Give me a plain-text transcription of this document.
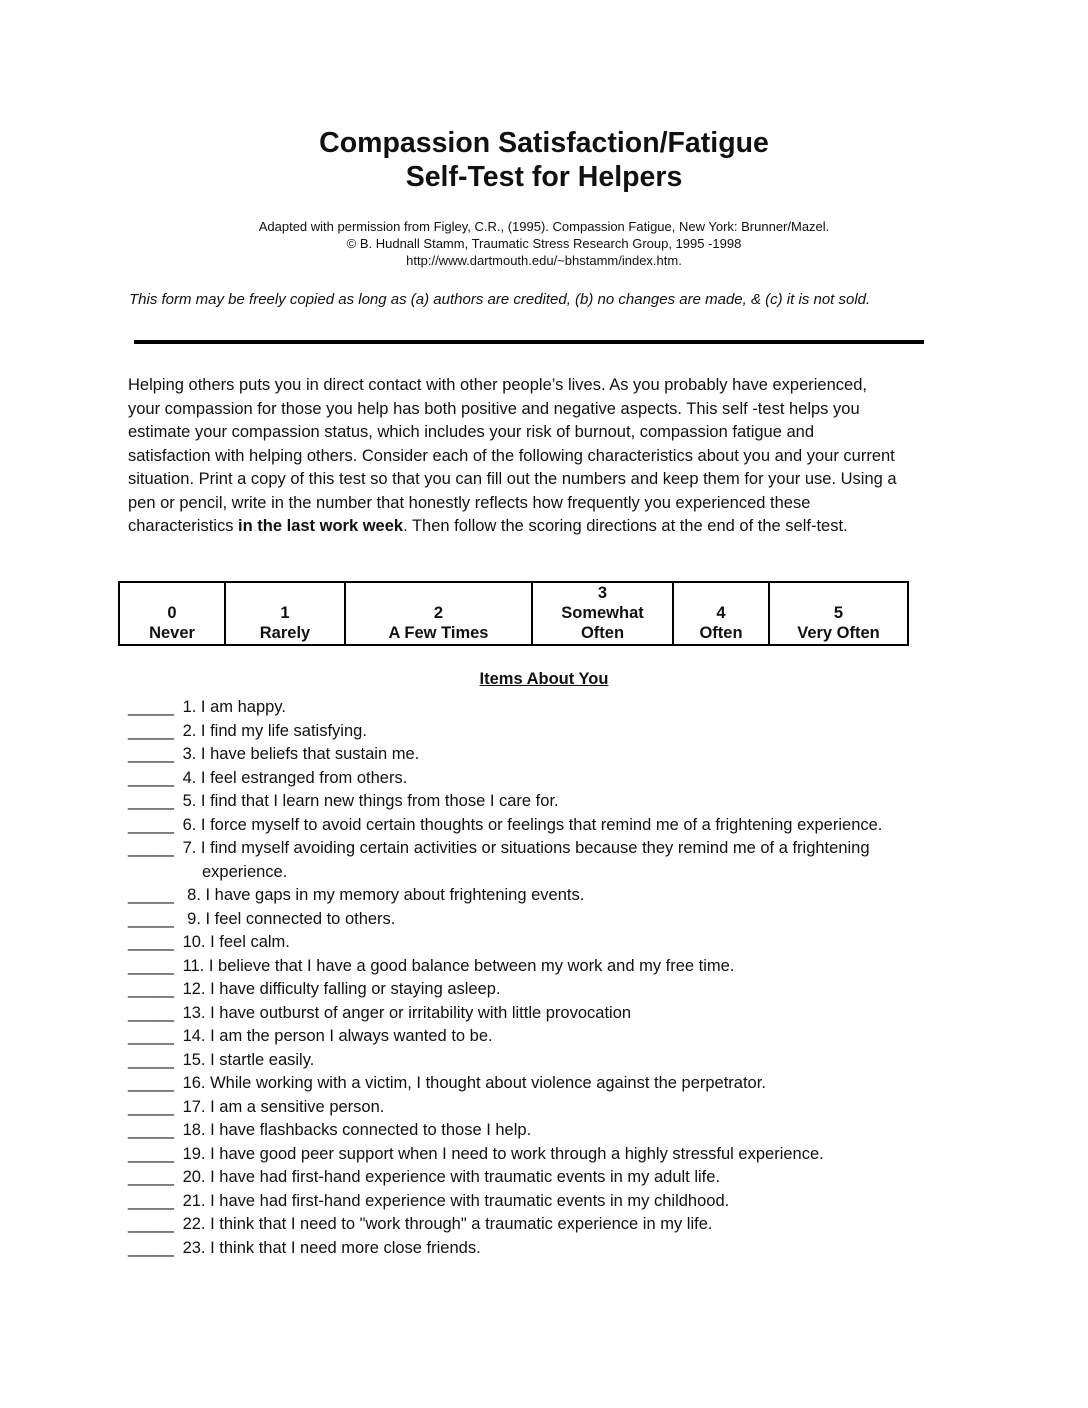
Compassion Satisfaction/Fatigue
Self-Test for Helpers
Adapted with permission from Figley, C.R., (1995). Compassion Fatigue, New York: Brunner/Mazel.
© B. Hudnall Stamm, Traumatic Stress Research Group, 1995 -1998
http://www.dartmouth.edu/~bhstamm/index.htm.

This form may be freely copied as long as (a) authors are credited, (b) no changes are made, & (c) it is not sold.

Helping others puts you in direct contact with other people’s lives. As you probably have experienced,
your compassion for those you help has both positive and negative aspects. This self -test helps you
estimate your compassion status, which includes your risk of burnout, compassion fatigue and
satisfaction with helping others. Consider each of the following characteristics about you and your current
situation. Print a copy of this test so that you can fill out the numbers and keep them for your use. Using a
pen or pencil, write in the number that honestly reflects how frequently you experienced these
characteristics in the last work week. Then follow the scoring directions at the end of the self-test.

0
Never

1
Rarely

2
A Few Times

3
Somewhat
Often

4
Often

5
Very Often
Items About You
_____ 1. I am happy.
_____ 2. I find my life satisfying.
_____ 3. I have beliefs that sustain me.
_____ 4. I feel estranged from others.
_____ 5. I find that I learn new things from those I care for.
_____ 6. I force myself to avoid certain thoughts or feelings that remind me of a frightening experience.
_____ 7. I find myself avoiding certain activities or situations because they remind me of a frightening
experience.
_____  8. I have gaps in my memory about frightening events.
_____  9. I feel connected to others.
_____ 10. I feel calm.
_____ 11. I believe that I have a good balance between my work and my free time.
_____ 12. I have difficulty falling or staying asleep.
_____ 13. I have outburst of anger or irritability with little provocation
_____ 14. I am the person I always wanted to be.
_____ 15. I startle easily.
_____ 16. While working with a victim, I thought about violence against the perpetrator.
_____ 17. I am a sensitive person.
_____ 18. I have flashbacks connected to those I help.
_____ 19. I have good peer support when I need to work through a highly stressful experience.
_____ 20. I have had first-hand experience with traumatic events in my adult life.
_____ 21. I have had first-hand experience with traumatic events in my childhood.
_____ 22. I think that I need to "work through" a traumatic experience in my life.
_____ 23. I think that I need more close friends.
